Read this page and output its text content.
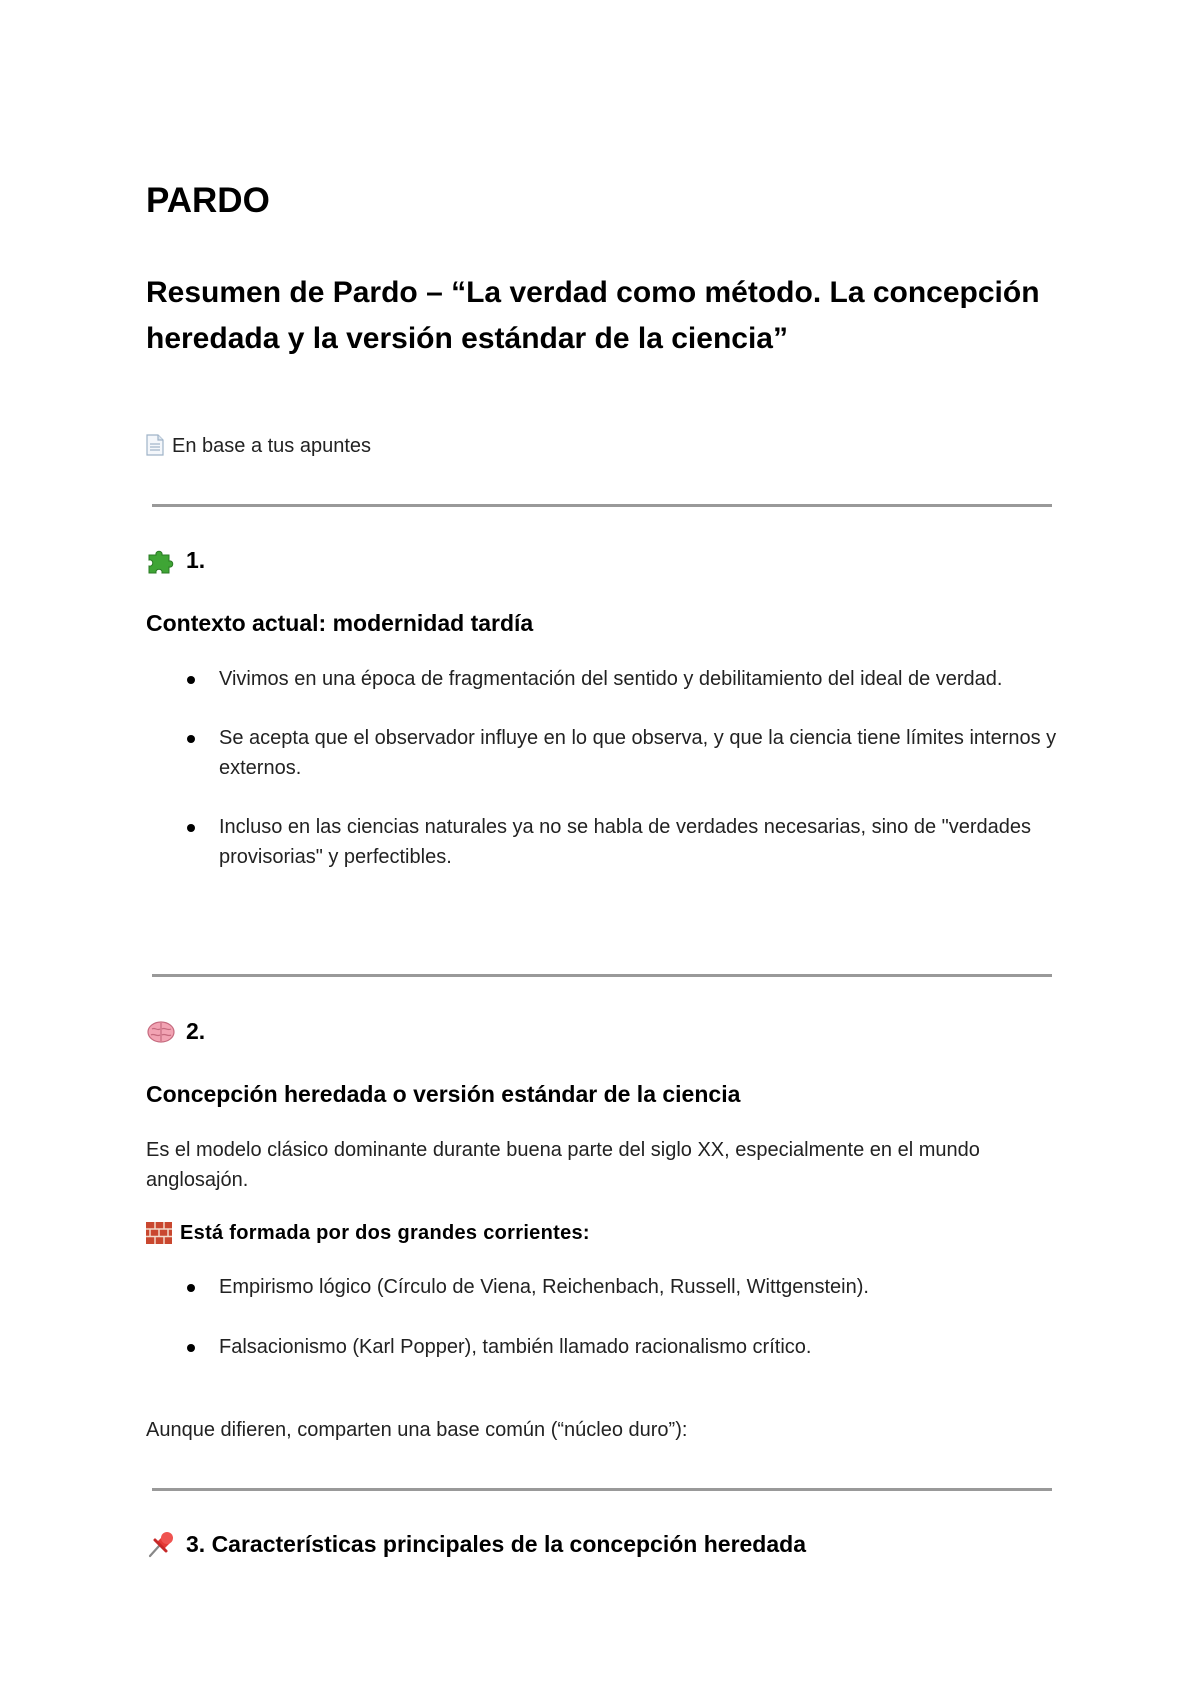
PARDO
Resumen de Pardo – “La verdad como método. La concepción heredada y la versión estándar de la ciencia”
En base a tus apuntes
1.
Contexto actual: modernidad tardía
Vivimos en una época de fragmentación del sentido y debilitamiento del ideal de verdad.
Se acepta que el observador influye en lo que observa, y que la ciencia tiene límites internos y externos.
Incluso en las ciencias naturales ya no se habla de verdades necesarias, sino de "verdades provisorias" y perfectibles.
2.
Concepción heredada o versión estándar de la ciencia

Es el modelo clásico dominante durante buena parte del siglo XX, especialmente en el mundo anglosajón.

Está formada por dos grandes corrientes:
Empirismo lógico (Círculo de Viena, Reichenbach, Russell, Wittgenstein).
Falsacionismo (Karl Popper), también llamado racionalismo crítico.

Aunque difieren, comparten una base común (“núcleo duro”):

3. Características principales de la concepción heredada
